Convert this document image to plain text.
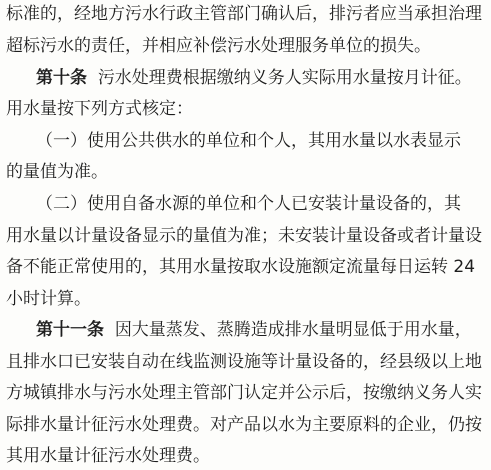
标准的，经地方污水行政主管部门确认后，排污者应当承担治理
超标污水的责任，并相应补偿污水处理服务单位的损失。
第十条 污水处理费根据缴纳义务人实际用水量按月计征。
用水量按下列方式核定：
（一）使用公共供水的单位和个人，其用水量以水表显示
的量值为准。
（二）使用自备水源的单位和个人已安装计量设备的，其
用水量以计量设备显示的量值为准；未安装计量设备或者计量设
备不能正常使用的，其用水量按取水设施额定流量每日运转 24
小时计算。
第十一条 因大量蒸发、蒸腾造成排水量明显低于用水量，
且排水口已安装自动在线监测设施等计量设备的，经县级以上地
方城镇排水与污水处理主管部门认定并公示后，按缴纳义务人实
际排水量计征污水处理费。对产品以水为主要原料的企业，仍按
其用水量计征污水处理费。
